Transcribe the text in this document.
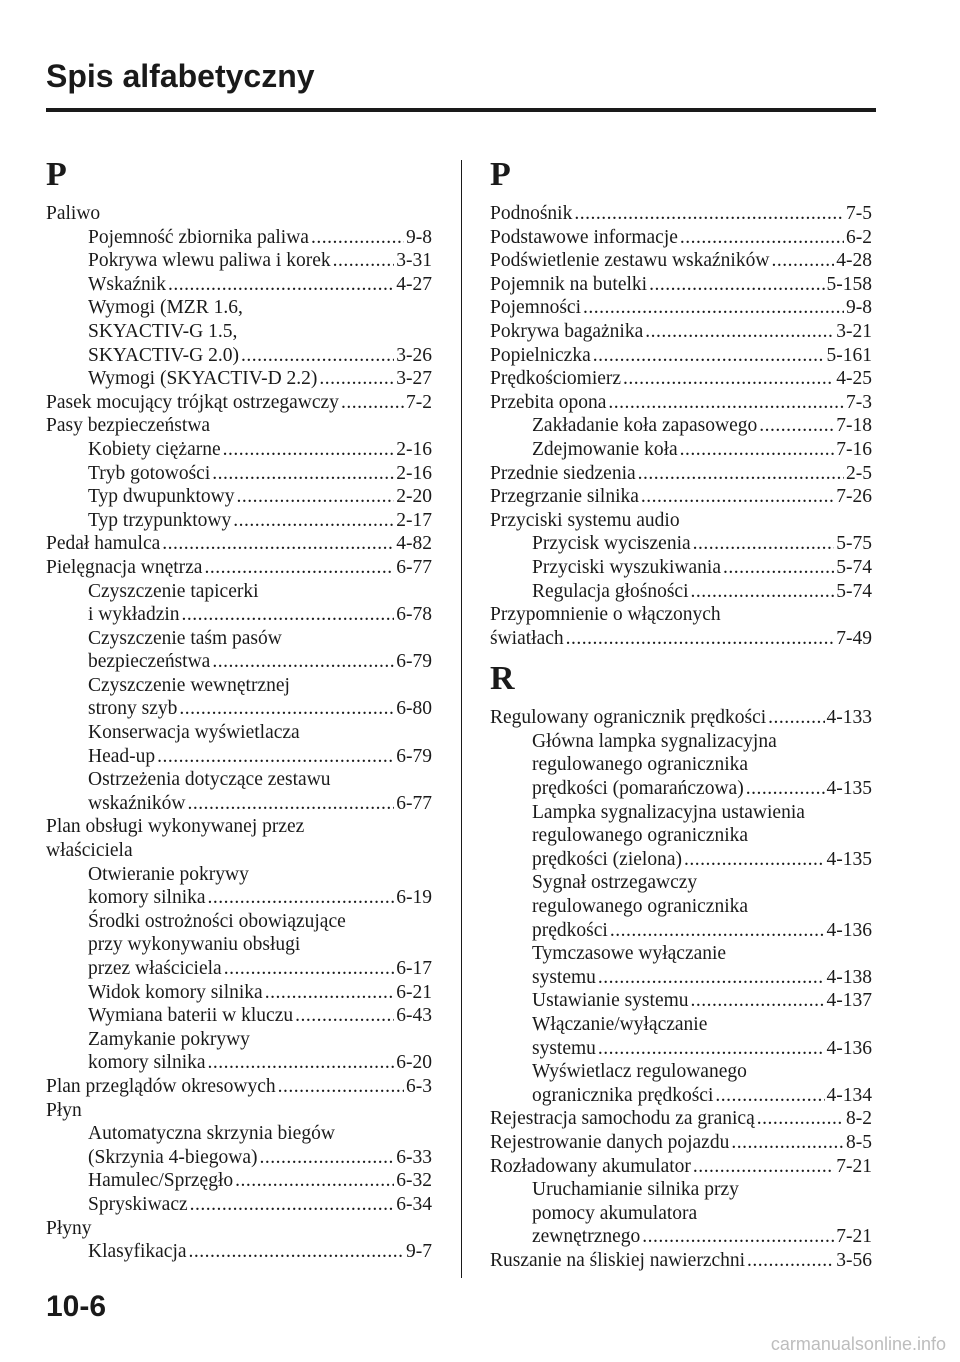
Spis alfabetyczny
P
Paliwo
Pojemność zbiornika paliwa .....	9-8
Pokrywa wlewu paliwa i korek .....	3-31
Wskaźnik .....	4-27
Wymogi (MZR 1.6,
SKYACTIV-G 1.5,
SKYACTIV-G 2.0) .....	3-26
Wymogi (SKYACTIV-D 2.2) .....	3-27
Pasek mocujący trójkąt ostrzegawczy .....	7-2
Pasy bezpieczeństwa
Kobiety ciężarne .....	2-16
Tryb gotowości .....	2-16
Typ dwupunktowy .....	2-20
Typ trzypunktowy .....	2-17
Pedał hamulca .....	4-82
Pielęgnacja wnętrza .....	6-77
Czyszczenie tapicerki
i wykładzin .....	6-78
Czyszczenie taśm pasów
bezpieczeństwa .....	6-79
Czyszczenie wewnętrznej
strony szyb .....	6-80
Konserwacja wyświetlacza
Head-up .....	6-79
Ostrzeżenia dotyczące zestawu
wskaźników .....	6-77
Plan obsługi wykonywanej przez
właściciela
Otwieranie pokrywy
komory silnika .....	6-19
Środki ostrożności obowiązujące
przy wykonywaniu obsługi
przez właściciela .....	6-17
Widok komory silnika .....	6-21
Wymiana baterii w kluczu .....	6-43
Zamykanie pokrywy
komory silnika .....	6-20
Plan przeglądów okresowych .....	6-3
Płyn
Automatyczna skrzynia biegów
(Skrzynia 4-biegowa) .....	6-33
Hamulec/Sprzęgło .....	6-32
Spryskiwacz .....	6-34
Płyny
Klasyfikacja .....	9-7
P
Podnośnik .....	7-5
Podstawowe informacje .....	6-2
Podświetlenie zestawu wskaźników .....	4-28
Pojemnik na butelki .....	5-158
Pojemności .....	9-8
Pokrywa bagażnika .....	3-21
Popielniczka .....	5-161
Prędkościomierz .....	4-25
Przebita opona .....	7-3
Zakładanie koła zapasowego .....	7-18
Zdejmowanie koła .....	7-16
Przednie siedzenia .....	2-5
Przegrzanie silnika .....	7-26
Przyciski systemu audio
Przycisk wyciszenia .....	5-75
Przyciski wyszukiwania .....	5-74
Regulacja głośności .....	5-74
Przypomnienie o włączonych
światłach .....	7-49
R
Regulowany ogranicznik prędkości .....	4-133
Główna lampka sygnalizacyjna
regulowanego ogranicznika
prędkości (pomarańczowa) .....	4-135
Lampka sygnalizacyjna ustawienia
regulowanego ogranicznika
prędkości (zielona) .....	4-135
Sygnał ostrzegawczy
regulowanego ogranicznika
prędkości .....	4-136
Tymczasowe wyłączanie
systemu .....	4-138
Ustawianie systemu .....	4-137
Włączanie/wyłączanie
systemu .....	4-136
Wyświetlacz regulowanego
ogranicznika prędkości .....	4-134
Rejestracja samochodu za granicą .....	8-2
Rejestrowanie danych pojazdu .....	8-5
Rozładowany akumulator .....	7-21
Uruchamianie silnika przy
pomocy akumulatora
zewnętrznego .....	7-21
Ruszanie na śliskiej nawierzchni .....	3-56
10-6
carmanualsonline.info
